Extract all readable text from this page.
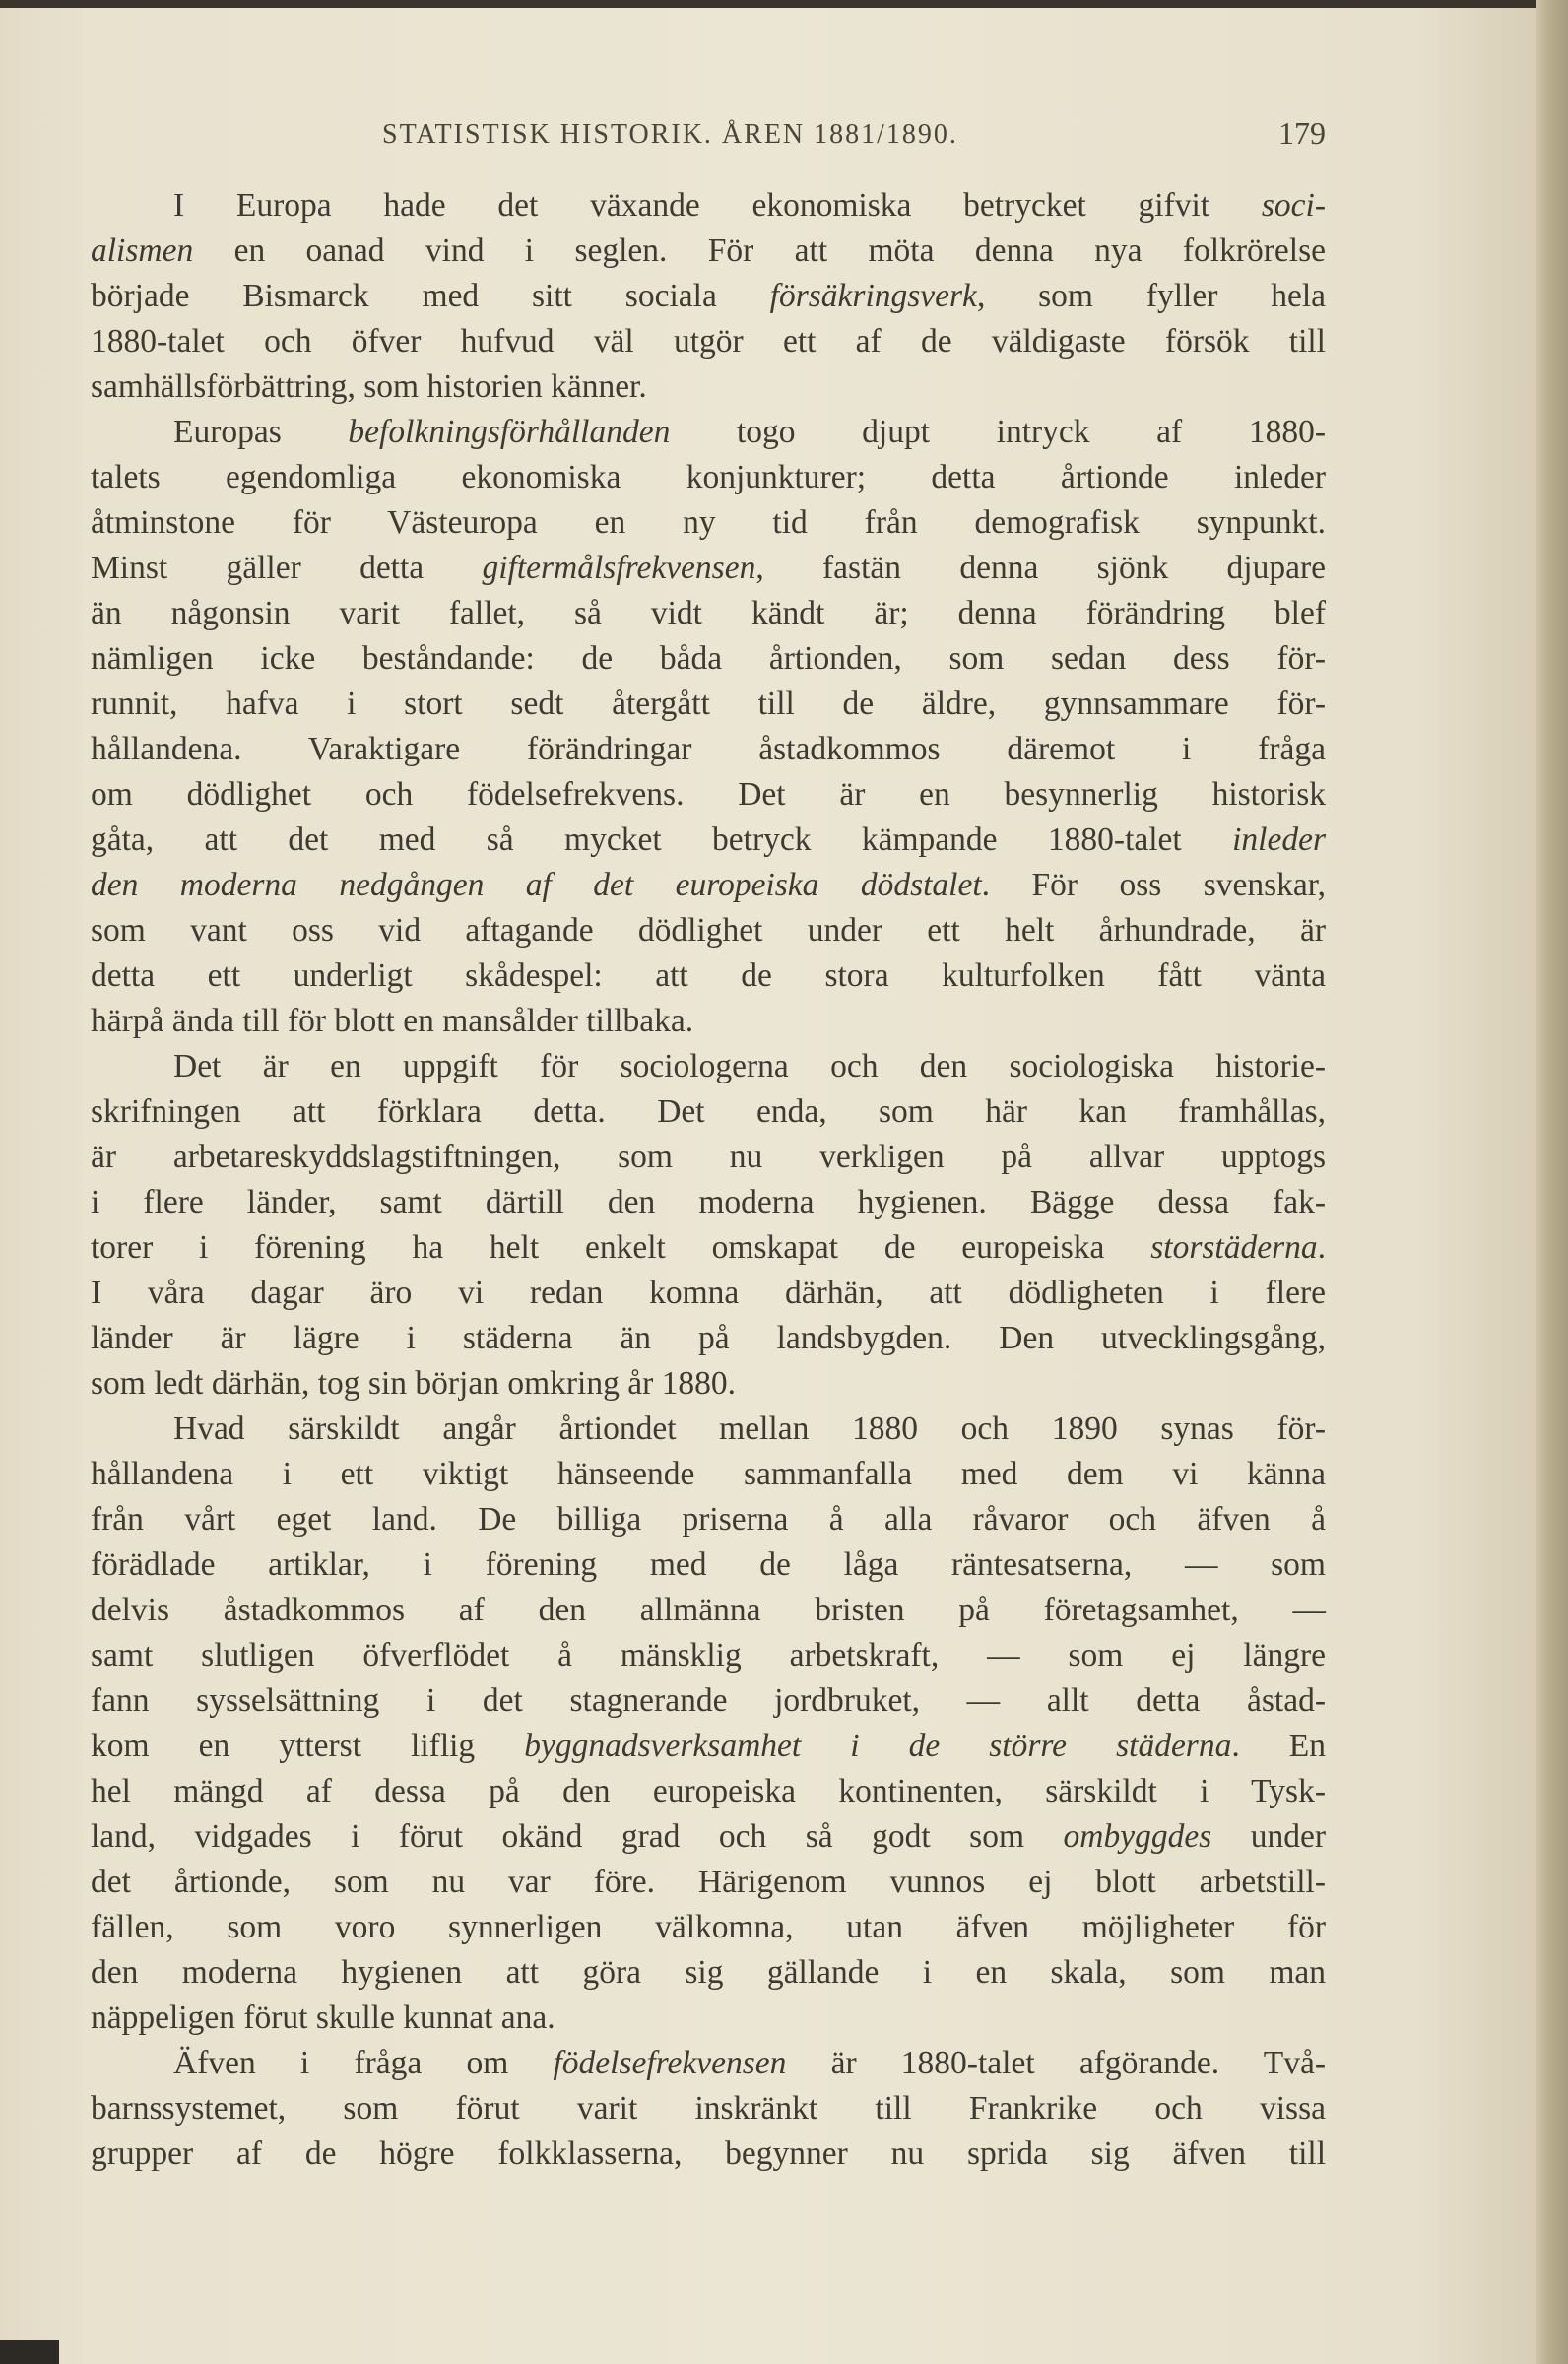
STATISTISK HISTORIK. ÅREN 1881/1890.	179
I Europa hade det växande ekonomiska betrycket gifvit soci-
alismen en oanad vind i seglen. För att möta denna nya folkrörelse
började Bismarck med sitt sociala försäkringsverk, som fyller hela
1880-talet och öfver hufvud väl utgör ett af de väldigaste försök till
samhällsförbättring, som historien känner.
Europas befolkningsförhållanden togo djupt intryck af 1880-
talets egendomliga ekonomiska konjunkturer; detta årtionde inleder
åtminstone för Västeuropa en ny tid från demografisk synpunkt.
Minst gäller detta giftermålsfrekvensen, fastän denna sjönk djupare
än någonsin varit fallet, så vidt kändt är; denna förändring blef
nämligen icke beståndande: de båda årtionden, som sedan dess för-
runnit, hafva i stort sedt återgått till de äldre, gynnsammare för-
hållandena. Varaktigare förändringar åstadkommos däremot i fråga
om dödlighet och födelsefrekvens. Det är en besynnerlig historisk
gåta, att det med så mycket betryck kämpande 1880-talet inleder
den moderna nedgången af det europeiska dödstalet. För oss svenskar,
som vant oss vid aftagande dödlighet under ett helt århundrade, är
detta ett underligt skådespel: att de stora kulturfolken fått vänta
härpå ända till för blott en mansålder tillbaka.
Det är en uppgift för sociologerna och den sociologiska historie-
skrifningen att förklara detta. Det enda, som här kan framhållas,
är arbetareskyddslagstiftningen, som nu verkligen på allvar upptogs
i flere länder, samt därtill den moderna hygienen. Bägge dessa fak-
torer i förening ha helt enkelt omskapat de europeiska storstäderna.
I våra dagar äro vi redan komna därhän, att dödligheten i flere
länder är lägre i städerna än på landsbygden. Den utvecklingsgång,
som ledt därhän, tog sin början omkring år 1880.
Hvad särskildt angår årtiondet mellan 1880 och 1890 synas för-
hållandena i ett viktigt hänseende sammanfalla med dem vi känna
från vårt eget land. De billiga priserna å alla råvaror och äfven å
förädlade artiklar, i förening med de låga räntesatserna, — som
delvis åstadkommos af den allmänna bristen på företagsamhet, —
samt slutligen öfverflödet å mänsklig arbetskraft, — som ej längre
fann sysselsättning i det stagnerande jordbruket, — allt detta åstad-
kom en ytterst liflig byggnadsverksamhet i de större städerna. En
hel mängd af dessa på den europeiska kontinenten, särskildt i Tysk-
land, vidgades i förut okänd grad och så godt som ombyggdes under
det årtionde, som nu var före. Härigenom vunnos ej blott arbetstill-
fällen, som voro synnerligen välkomna, utan äfven möjligheter för
den moderna hygienen att göra sig gällande i en skala, som man
näppeligen förut skulle kunnat ana.
Äfven i fråga om födelsefrekvensen är 1880-talet afgörande. Två-
barnssystemet, som förut varit inskränkt till Frankrike och vissa
grupper af de högre folkklasserna, begynner nu sprida sig äfven till
